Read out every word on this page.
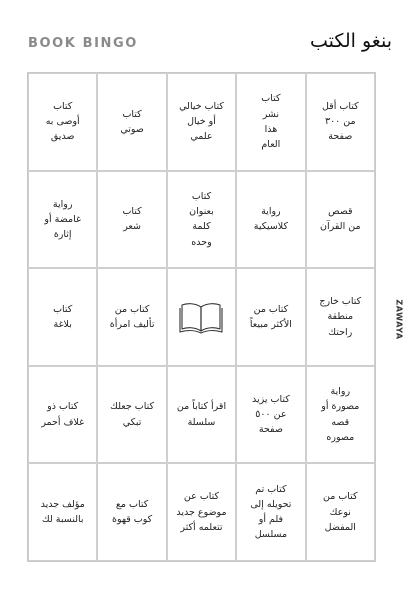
BOOK BINGO	بنغو الكتب
كتاب
أوصى به
صديق
كتاب
صوتي
كتاب خيالي
أو خيال
علمي
كتاب
نشر
هذا
العام
كتاب أقل
من ٣٠٠
صفحة
رواية
غامضة أو
إثارة
كتاب
شعر
كتاب
بعنوان
كلمة
وحده
رواية
كلاسيكية
قصص
من القرآن
كتاب
بلاغة
كتاب من
تأليف امرأة
كتاب من
الأكثر مبيعاً
كتاب خارج
منطقة
راحتك
كتاب ذو
غلاف أحمر
كتاب جعلك
تبكي
اقرأ كتاباً من
سلسلة
كتاب يزيد
عن ٥٠٠
صفحة
رواية
مصورة أو
قصه
مصوره
مؤلف جديد
بالنسبة لك
كتاب مع
كوب قهوة
كتاب عن
موضوع جديد
تتعلمه أكثر
كتاب تم
تحويله إلى
فلم أو
مسلسل
كتاب من
نوعك
المفضل
ZAWAYA
